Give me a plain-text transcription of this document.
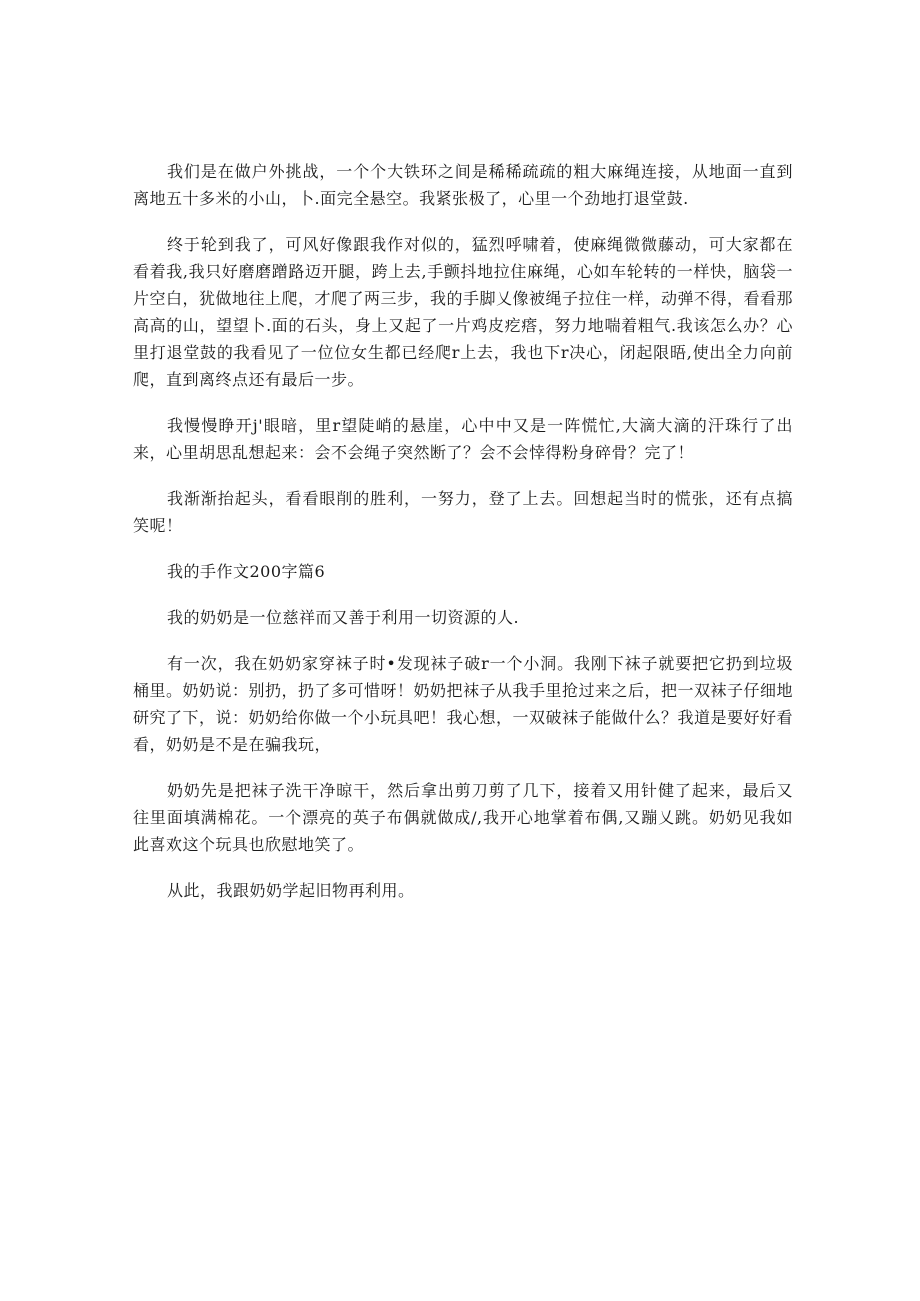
我们是在做户外挑战，一个个大铁环之间是稀稀疏疏的粗大麻绳连接，从地面一直到离地五十多米的小山，卜.面完全悬空。我紧张极了，心里一个劲地打退堂鼓.

终于轮到我了，可风好像跟我作对似的，猛烈呼啸着，使麻绳微微藤动，可大家都在看着我,我只好磨磨蹭路迈开腿，跨上去,手颤抖地拉住麻绳，心如车轮转的一样快，脑袋一片空白，犹做地往上爬，才爬了两三步，我的手脚乂像被绳子拉住一样，动弹不得，看看那高高的山，望望卜.面的石头，身上又起了一片鸡皮疙瘩，努力地喘着粗气.我该怎么办？心里打退堂鼓的我看见了一位位女生都已经爬r上去，我也下r决心，闭起限晤,使出全力向前爬，直到离终点还有最后一步。

我慢慢睁开j'眼暗，里r望陡峭的悬崖，心中中又是一阵慌忙,大滴大滴的汗珠行了出来，心里胡思乱想起来：会不会绳子突然断了？会不会悻得粉身碎骨？完了！

我渐渐抬起头，看看眼削的胜利，一努力，登了上去。回想起当时的慌张，还有点搞笑呢！

我的手作文200字篇6

我的奶奶是一位慈祥而又善于利用一切资源的人.

有一次，我在奶奶家穿袜子时•发现袜子破r一个小洞。我刚下袜子就要把它扔到垃圾桶里。奶奶说：别扔，扔了多可惜呀！奶奶把袜子从我手里抢过来之后，把一双袜子仔细地研究了下，说：奶奶给你做一个小玩具吧！我心想，一双破袜子能做什么？我道是要好好看看，奶奶是不是在骗我玩，

奶奶先是把袜子洗干净晾干，然后拿出剪刀剪了几下，接着又用针健了起来，最后又往里面填满棉花。一个漂亮的英子布偶就做成/,我开心地掌着布偶,又蹦乂跳。奶奶见我如此喜欢这个玩具也欣慰地笑了。

从此，我跟奶奶学起旧物再利用。
